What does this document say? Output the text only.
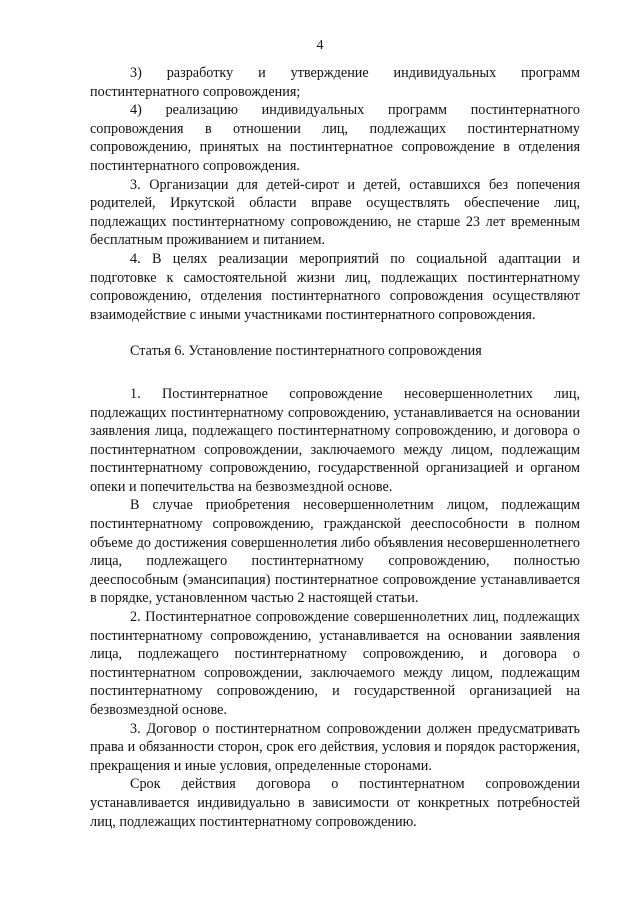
4

3) разработку и утверждение индивидуальных программ постинтернатного сопровождения;

4) реализацию индивидуальных программ постинтернатного сопровождения в отношении лиц, подлежащих постинтернатному сопровождению, принятых на постинтернатное сопровождение в отделения постинтернатного сопровождения.

3. Организации для детей-сирот и детей, оставшихся без попечения родителей, Иркутской области вправе осуществлять обеспечение лиц, подлежащих постинтернатному сопровождению, не старше 23 лет временным бесплатным проживанием и питанием.

4. В целях реализации мероприятий по социальной адаптации и подготовке к самостоятельной жизни лиц, подлежащих постинтернатному сопровождению, отделения постинтернатного сопровождения осуществляют взаимодействие с иными участниками постинтернатного сопровождения.

Статья 6. Установление постинтернатного сопровождения

1. Постинтернатное сопровождение несовершеннолетних лиц, подлежащих постинтернатному сопровождению, устанавливается на основании заявления лица, подлежащего постинтернатному сопровождению, и договора о постинтернатном сопровождении, заключаемого между лицом, подлежащим постинтернатному сопровождению, государственной организацией и органом опеки и попечительства на безвозмездной основе.

В случае приобретения несовершеннолетним лицом, подлежащим постинтернатному сопровождению, гражданской дееспособности в полном объеме до достижения совершеннолетия либо объявления несовершеннолетнего лица, подлежащего постинтернатному сопровождению, полностью дееспособным (эмансипация) постинтернатное сопровождение устанавливается в порядке, установленном частью 2 настоящей статьи.

2. Постинтернатное сопровождение совершеннолетних лиц, подлежащих постинтернатному сопровождению, устанавливается на основании заявления лица, подлежащего постинтернатному сопровождению, и договора о постинтернатном сопровождении, заключаемого между лицом, подлежащим постинтернатному сопровождению, и государственной организацией на безвозмездной основе.

3. Договор о постинтернатном сопровождении должен предусматривать права и обязанности сторон, срок его действия, условия и порядок расторжения, прекращения и иные условия, определенные сторонами.

Срок действия договора о постинтернатном сопровождении устанавливается индивидуально в зависимости от конкретных потребностей лиц, подлежащих постинтернатному сопровождению.
